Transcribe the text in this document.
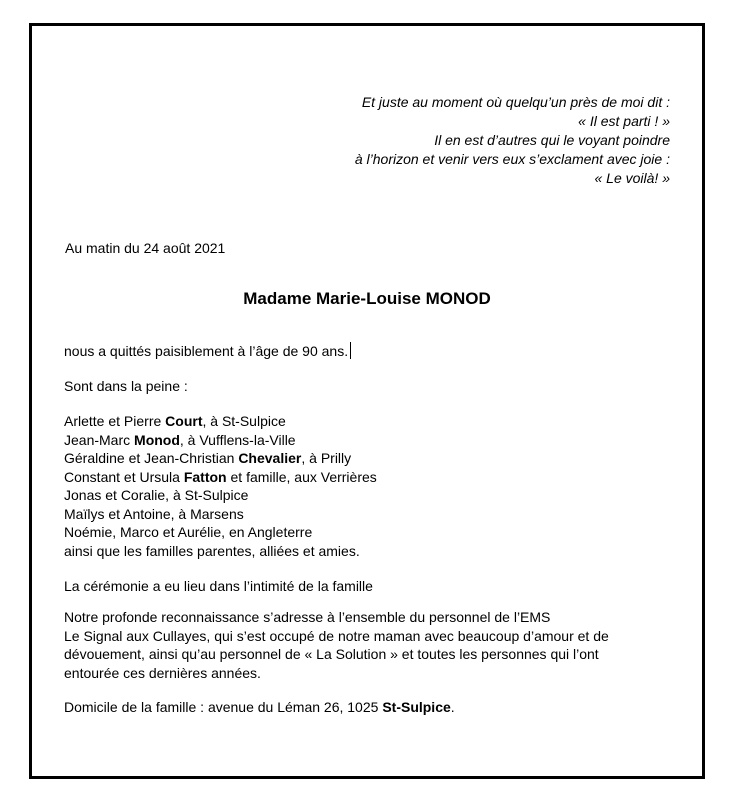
Et juste au moment où quelqu’un près de moi dit :
« Il est parti ! »
Il en est d’autres qui le voyant poindre
à l’horizon et venir vers eux s’exclament avec joie :
« Le voilà! »
Au matin du 24 août 2021
Madame Marie-Louise MONOD
nous a quittés paisiblement à l’âge de 90 ans.
Sont dans la peine :
Arlette et Pierre Court, à St-Sulpice
Jean-Marc Monod, à Vufflens-la-Ville
Géraldine et Jean-Christian Chevalier, à Prilly
Constant et Ursula Fatton et famille, aux Verrières
Jonas et Coralie, à St-Sulpice
Maïlys et Antoine, à Marsens
Noémie, Marco et Aurélie, en Angleterre
ainsi que les familles parentes, alliées et amies.
La cérémonie a eu lieu dans l’intimité de la famille
Notre profonde reconnaissance s’adresse à l’ensemble du personnel de l’EMS
Le Signal aux Cullayes, qui s’est occupé de notre maman avec beaucoup d’amour et de
dévouement, ainsi qu’au personnel de « La Solution » et toutes les personnes qui l’ont
entourée ces dernières années.
Domicile de la famille : avenue du Léman 26, 1025 St-Sulpice.
